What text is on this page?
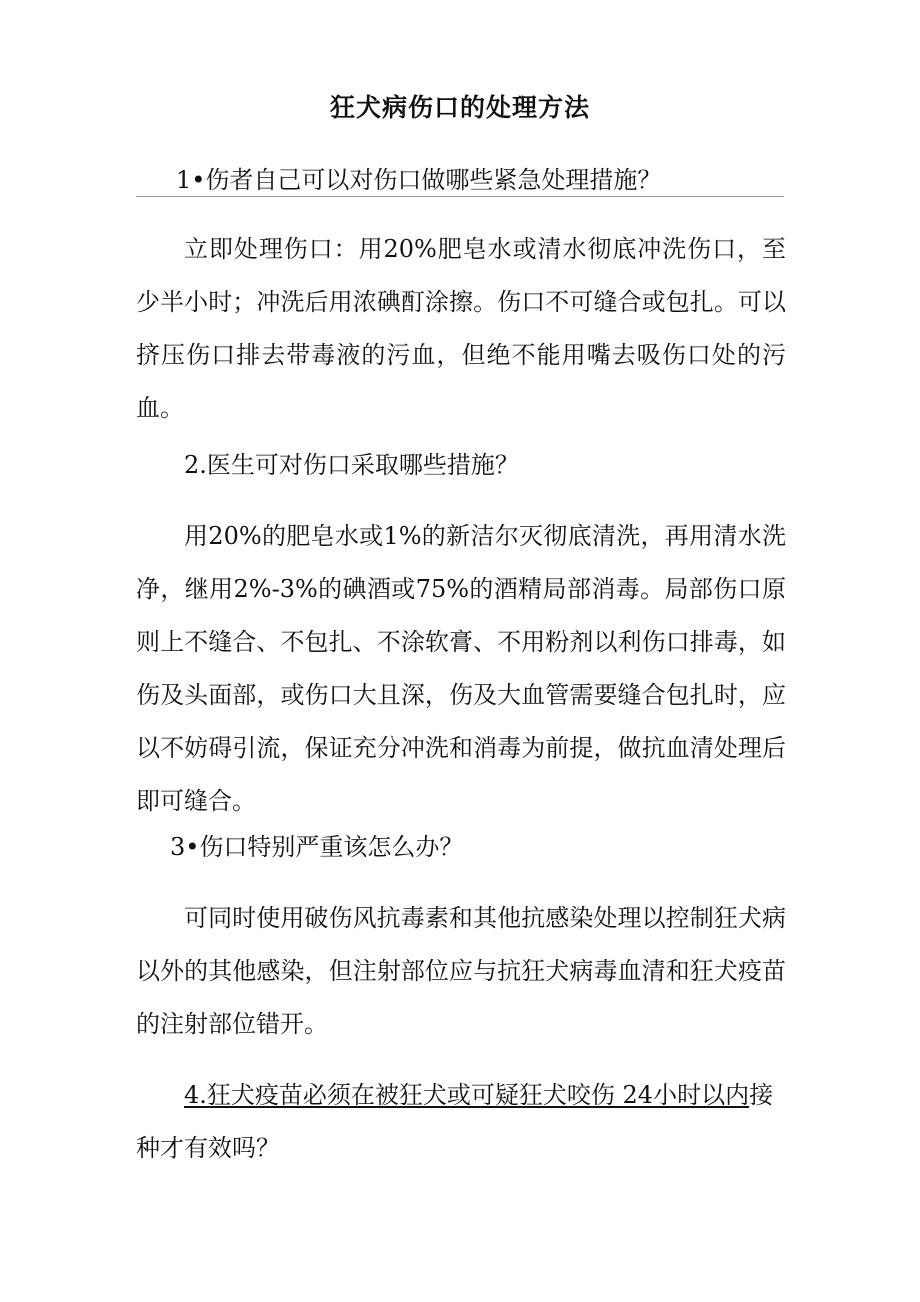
狂犬病伤口的处理方法

1•伤者自己可以对伤口做哪些紧急处理措施？

立即处理伤口：用20%肥皂水或清水彻底冲洗伤口，至少半小时；冲洗后用浓碘酊涂擦。伤口不可缝合或包扎。可以挤压伤口排去带毒液的污血，但绝不能用嘴去吸伤口处的污血。

2.医生可对伤口采取哪些措施？

用20%的肥皂水或1%的新洁尔灭彻底清洗，再用清水洗净，继用2%-3%的碘酒或75%的酒精局部消毒。局部伤口原则上不缝合、不包扎、不涂软膏、不用粉剂以利伤口排毒，如伤及头面部，或伤口大且深，伤及大血管需要缝合包扎时，应以不妨碍引流，保证充分冲洗和消毒为前提，做抗血清处理后即可缝合。

3•伤口特别严重该怎么办？

可同时使用破伤风抗毒素和其他抗感染处理以控制狂犬病以外的其他感染，但注射部位应与抗狂犬病毒血清和狂犬疫苗的注射部位错开。

4.狂犬疫苗必须在被狂犬或可疑狂犬咬伤 24小时以内接种才有效吗？
